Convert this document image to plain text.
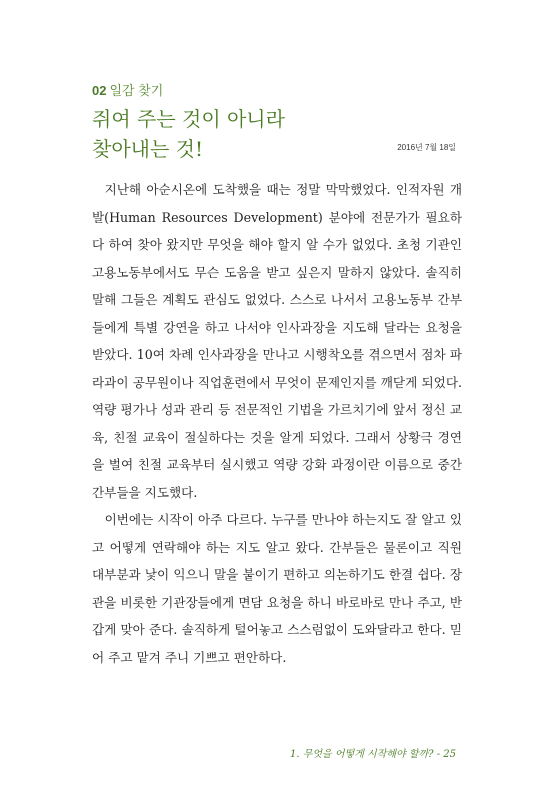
02 일감 찾기
쥐여 주는 것이 아니라
찾아내는 것!	2016년 7월 18일

지난해 아순시온에 도착했을 때는 정말 막막했었다. 인적자원 개발(Human Resources Development) 분야에 전문가가 필요하다 하여 찾아 왔지만 무엇을 해야 할지 알 수가 없었다. 초청 기관인 고용노동부에서도 무슨 도움을 받고 싶은지 말하지 않았다. 솔직히 말해 그들은 계획도 관심도 없었다. 스스로 나서서 고용노동부 간부들에게 특별 강연을 하고 나서야 인사과장을 지도해 달라는 요청을 받았다. 10여 차례 인사과장을 만나고 시행착오를 겪으면서 점차 파라과이 공무원이나 직업훈련에서 무엇이 문제인지를 깨닫게 되었다. 역량 평가나 성과 관리 등 전문적인 기법을 가르치기에 앞서 정신 교육, 친절 교육이 절실하다는 것을 알게 되었다. 그래서 상황극 경연을 벌여 친절 교육부터 실시했고 역량 강화 과정이란 이름으로 중간 간부들을 지도했다.

이번에는 시작이 아주 다르다. 누구를 만나야 하는지도 잘 알고 있고 어떻게 연락해야 하는 지도 알고 왔다. 간부들은 물론이고 직원 대부분과 낯이 익으니 말을 붙이기 편하고 의논하기도 한결 쉽다. 장관을 비롯한 기관장들에게 면담 요청을 하니 바로바로 만나 주고, 반갑게 맞아 준다. 솔직하게 털어놓고 스스럼없이 도와달라고 한다. 믿어 주고 맡겨 주니 기쁘고 편안하다.

1. 무엇을 어떻게 시작해야 할까? - 25
